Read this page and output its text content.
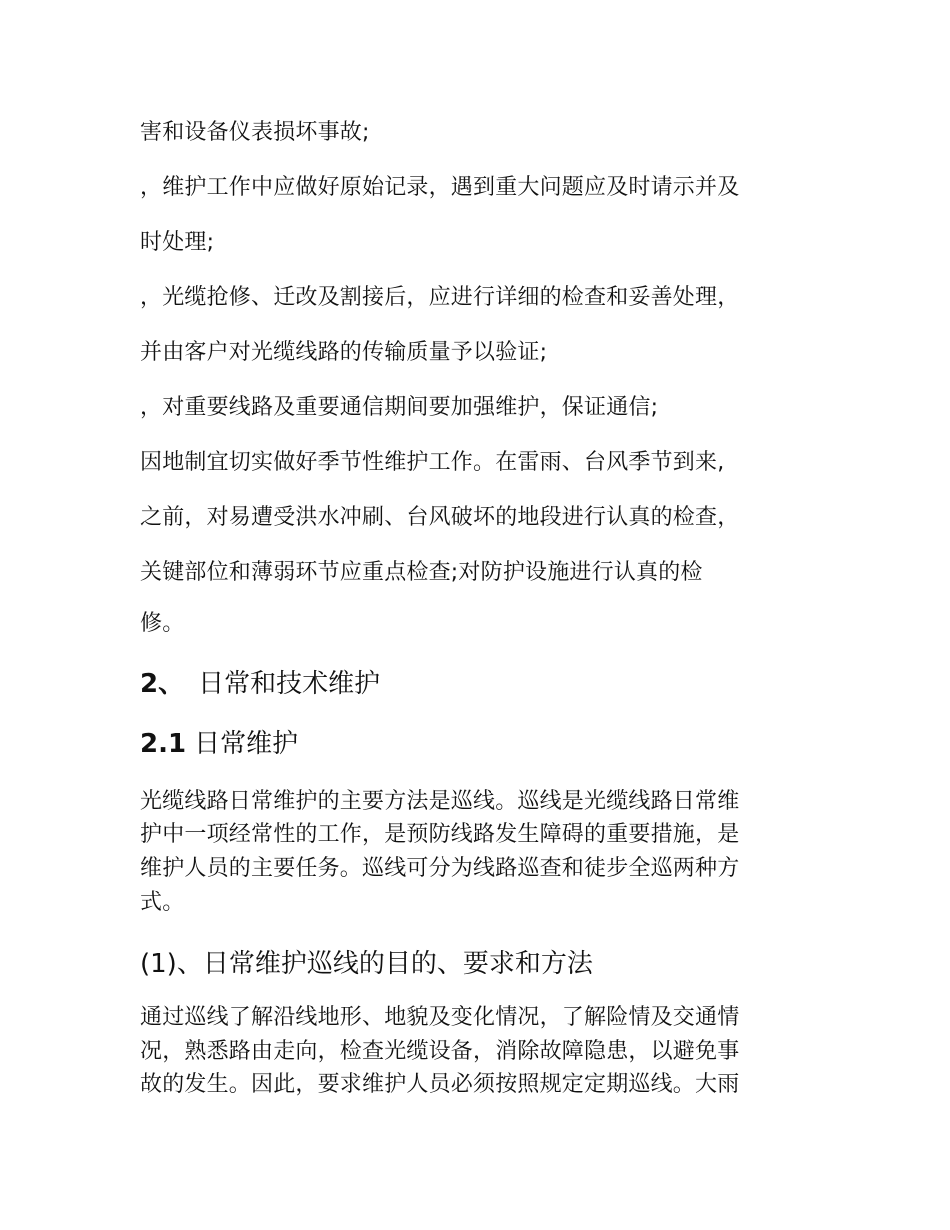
害和设备仪表损坏事故;
，维护工作中应做好原始记录，遇到重大问题应及时请示并及
时处理;
，光缆抢修、迁改及割接后，应进行详细的检查和妥善处理，
并由客户对光缆线路的传输质量予以验证;
，对重要线路及重要通信期间要加强维护，保证通信;
因地制宜切实做好季节性维护工作。在雷雨、台风季节到来,
之前，对易遭受洪水冲刷、台风破坏的地段进行认真的检查，
关键部位和薄弱环节应重点检查;对防护设施进行认真的检
修。
2、 日常和技术维护
2.1 日常维护
光缆线路日常维护的主要方法是巡线。巡线是光缆线路日常维
护中一项经常性的工作，是预防线路发生障碍的重要措施，是
维护人员的主要任务。巡线可分为线路巡查和徒步全巡两种方
式。
(1)、日常维护巡线的目的、要求和方法
通过巡线了解沿线地形、地貌及变化情况，了解险情及交通情
况，熟悉路由走向，检查光缆设备，消除故障隐患，以避免事
故的发生。因此，要求维护人员必须按照规定定期巡线。大雨
